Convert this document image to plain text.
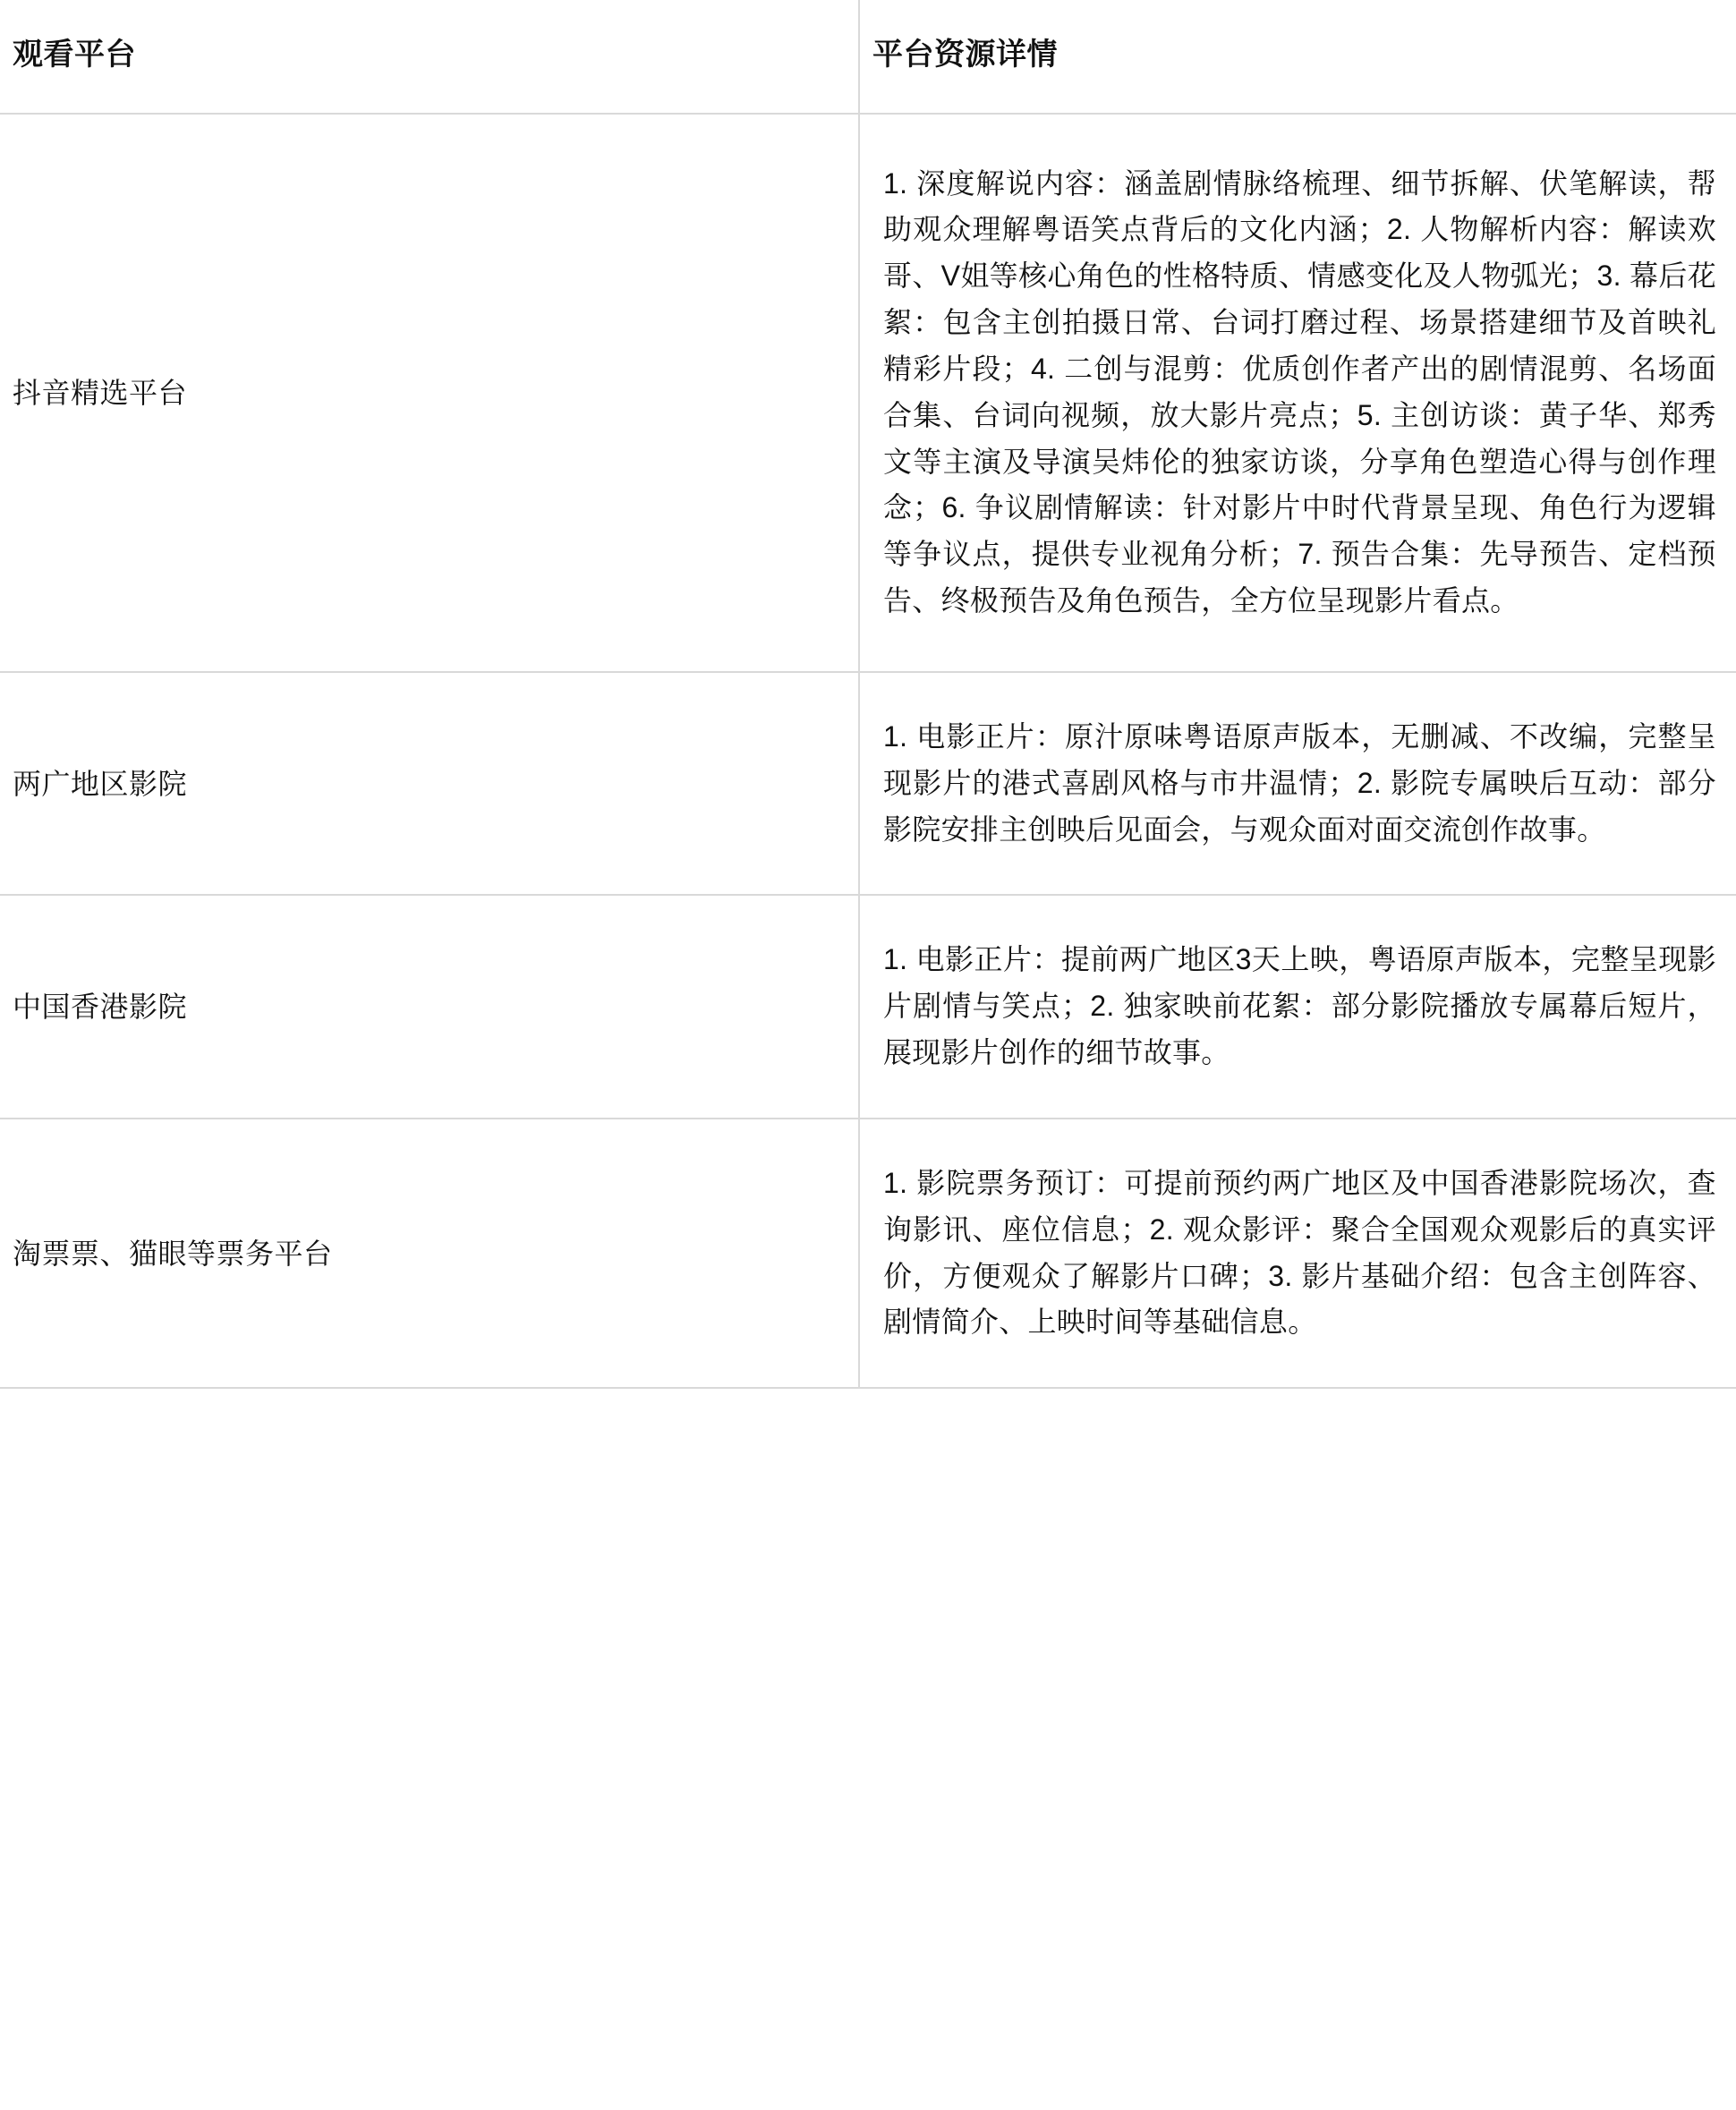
观看平台	平台资源详情
抖音精选平台	1. 深度解说内容：涵盖剧情脉络梳理、细节拆解、伏笔解读，帮助观众理解粤语笑点背后的文化内涵；2. 人物解析内容：解读欢哥、V姐等核心角色的性格特质、情感变化及人物弧光；3. 幕后花絮：包含主创拍摄日常、台词打磨过程、场景搭建细节及首映礼精彩片段；4. 二创与混剪：优质创作者产出的剧情混剪、名场面合集、台词向视频，放大影片亮点；5. 主创访谈：黄子华、郑秀文等主演及导演吴炜伦的独家访谈，分享角色塑造心得与创作理念；6. 争议剧情解读：针对影片中时代背景呈现、角色行为逻辑等争议点，提供专业视角分析；7. 预告合集：先导预告、定档预告、终极预告及角色预告，全方位呈现影片看点。

两广地区影院	1. 电影正片：原汁原味粤语原声版本，无删减、不改编，完整呈现影片的港式喜剧风格与市井温情；2. 影院专属映后互动：部分影院安排主创映后见面会，与观众面对面交流创作故事。

中国香港影院	1. 电影正片：提前两广地区3天上映，粤语原声版本，完整呈现影片剧情与笑点；2. 独家映前花絮：部分影院播放专属幕后短片，展现影片创作的细节故事。

淘票票、猫眼等票务平台	1. 影院票务预订：可提前预约两广地区及中国香港影院场次，查询影讯、座位信息；2. 观众影评：聚合全国观众观影后的真实评价，方便观众了解影片口碑；3. 影片基础介绍：包含主创阵容、剧情简介、上映时间等基础信息。
